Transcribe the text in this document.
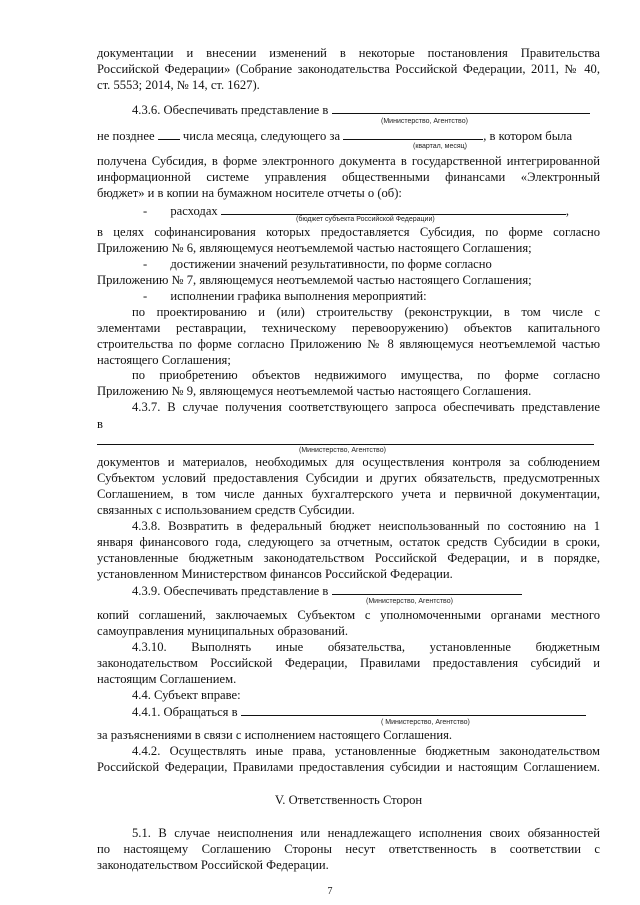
документации и внесении изменений в некоторые постановления Правительства
Российской Федерации» (Собрание законодательства Российской Федерации, 2011, № 40,
ст. 5553; 2014, № 14, ст. 1627).
4.3.6. Обеспечивать представление в
(Министерство, Агентство)
не позднее числа месяца, следующего за	, в котором была
(квартал, месяц)
получена Субсидия, в форме электронного документа в государственной интегрированной
информационной системе управления общественными финансами «Электронный
бюджет» и в копии на бумажном носителе отчеты о (об):
- расходах	,
(бюджет субъекта Российской Федерации)
в целях софинансирования которых предоставляется Субсидия, по форме согласно
Приложению № 6, являющемуся неотъемлемой частью настоящего Соглашения;
- достижении значений результативности, по форме согласно
Приложению № 7, являющемуся неотъемлемой частью настоящего Соглашения;
- исполнении графика выполнения мероприятий:
по проектированию и (или) строительству (реконструкции, в том числе с
элементами реставрации, техническому перевооружению) объектов капитального
строительства по форме согласно Приложению № 8 являющемуся неотъемлемой частью
настоящего Соглашения;
по приобретению объектов недвижимого имущества, по форме согласно
Приложению № 9, являющемуся неотъемлемой частью настоящего Соглашения.
4.3.7. В случае получения соответствующего запроса обеспечивать представление
в
(Министерство, Агентство)
документов и материалов, необходимых для осуществления контроля за соблюдением
Субъектом условий предоставления Субсидии и других обязательств, предусмотренных
Соглашением, в том числе данных бухгалтерского учета и первичной документации,
связанных с использованием средств Субсидии.
4.3.8. Возвратить в федеральный бюджет неиспользованный по состоянию на 1
января финансового года, следующего за отчетным, остаток средств Субсидии в сроки,
установленные бюджетным законодательством Российской Федерации, и в порядке,
установленном Министерством финансов Российской Федерации.
4.3.9. Обеспечивать представление в
(Министерство, Агентство)
копий соглашений, заключаемых Субъектом с уполномоченными органами местного
самоуправления муниципальных образований.
4.3.10. Выполнять иные обязательства, установленные бюджетным
законодательством Российской Федерации, Правилами предоставления субсидий и
настоящим Соглашением.
4.4. Субъект вправе:
4.4.1. Обращаться в
( Министерство, Агентство)
за разъяснениями в связи с исполнением настоящего Соглашения.
4.4.2. Осуществлять иные права, установленные бюджетным законодательством
Российской Федерации, Правилами предоставления субсидии и настоящим Соглашением.
V. Ответственность Сторон
5.1. В случае неисполнения или ненадлежащего исполнения своих обязанностей
по настоящему Соглашению Стороны несут ответственность в соответствии с
законодательством Российской Федерации.
7
